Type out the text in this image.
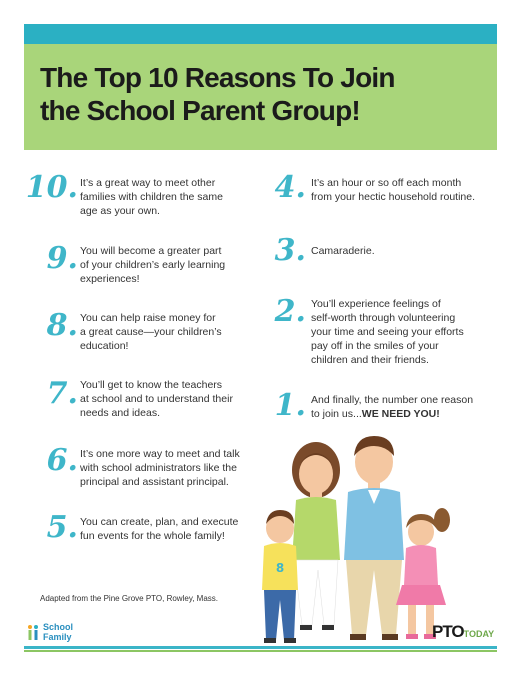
The Top 10 Reasons To Join
the School Parent Group!
10. It’s a great way to meet other
families with children the same
age as your own.
9. You will become a greater part
of your children’s early learning
experiences!
8. You can help raise money for
a great cause—your children’s
education!
7. You’ll get to know the teachers
at school and to understand their
needs and ideas.
6. It’s one more way to meet and talk
with school administrators like the
principal and assistant principal.
5. You can create, plan, and execute
fun events for the whole family!
4. It’s an hour or so off each month
from your hectic household routine.
3. Camaraderie.
2. You’ll experience feelings of
self-worth through volunteering
your time and seeing your efforts
pay off in the smiles of your
children and their friends.
1. And finally, the number one reason
to join us...WE NEED YOU!
8
Adapted from the Pine Grove PTO, Rowley, Mass.
School
Family	PTOTODAY
